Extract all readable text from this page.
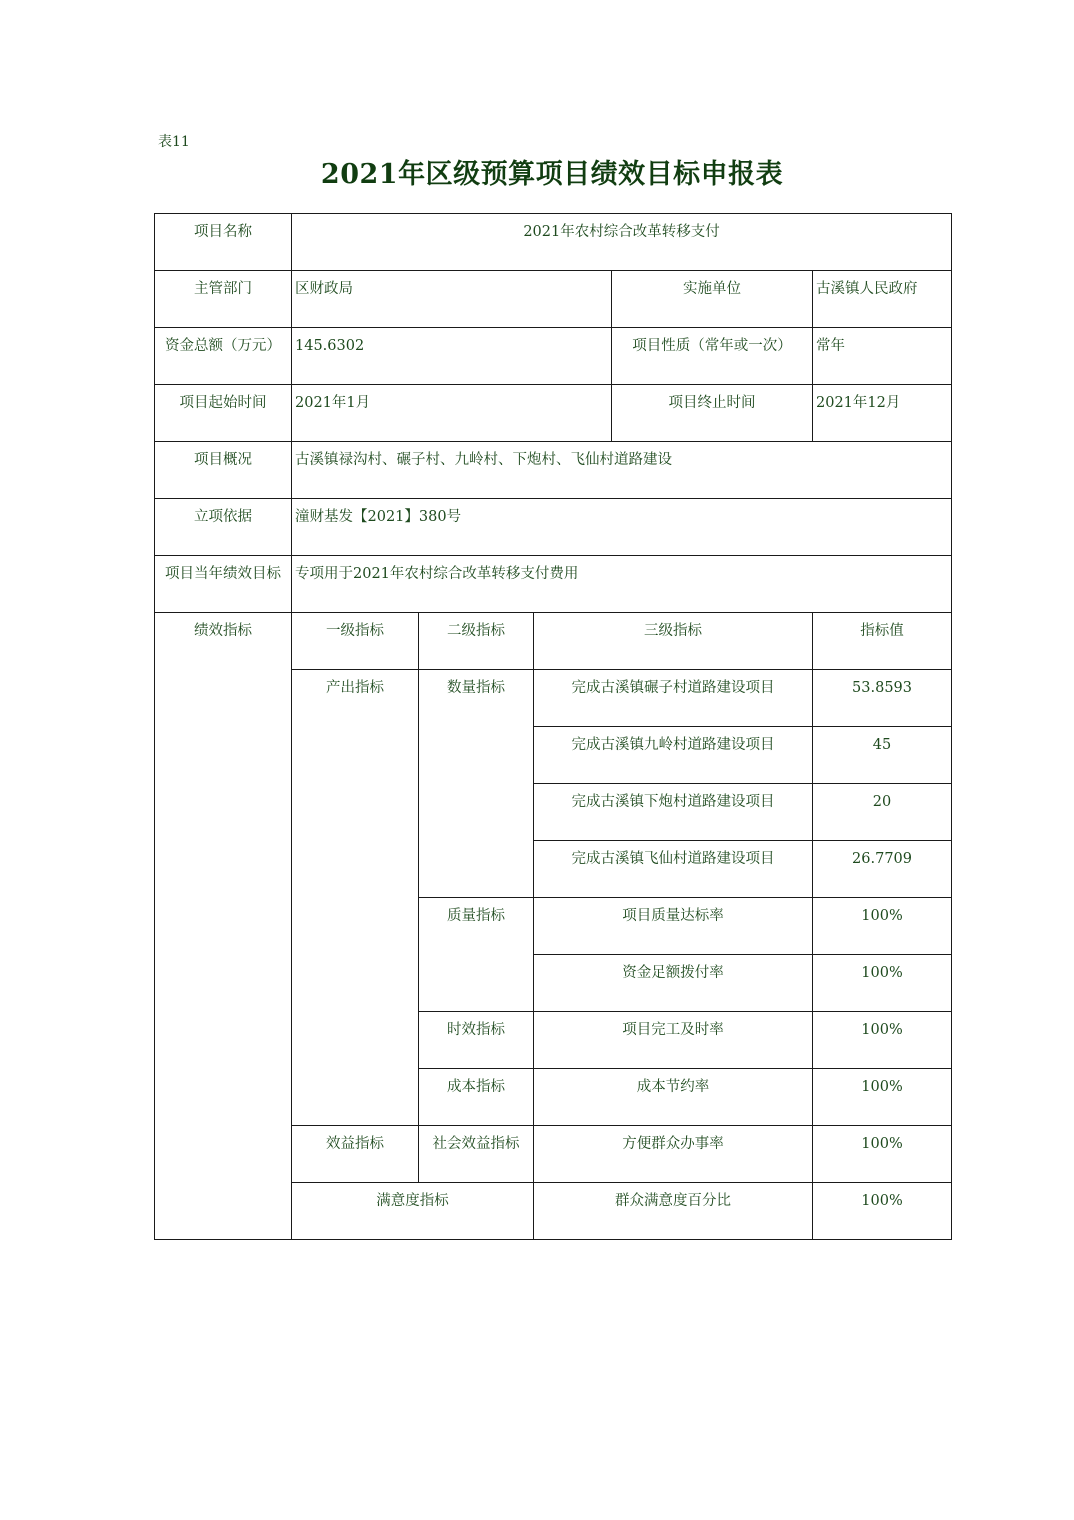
表11
2021年区级预算项目绩效目标申报表
项目名称	2021年农村综合改革转移支付				
主管部门	区财政局			实施单位	古溪镇人民政府
资金总额（万元）	145.6302			项目性质（常年或一次）	常年
项目起始时间	2021年1月			项目终止时间	2021年12月
项目概况	古溪镇禄沟村、碾子村、九岭村、下炮村、飞仙村道路建设				
立项依据	潼财基发【2021】380号				
项目当年绩效目标	专项用于2021年农村综合改革转移支付费用				
绩效指标	一级指标	二级指标	三级指标		指标值
	产出指标	数量指标	完成古溪镇碾子村道路建设项目		53.8593
			完成古溪镇九岭村道路建设项目		45
			完成古溪镇下炮村道路建设项目		20
			完成古溪镇飞仙村道路建设项目		26.7709
		质量指标	项目质量达标率		100%
			资金足额拨付率		100%
		时效指标	项目完工及时率		100%
		成本指标	成本节约率		100%
	效益指标	社会效益指标	方便群众办事率		100%
	满意度指标		群众满意度百分比		100%
